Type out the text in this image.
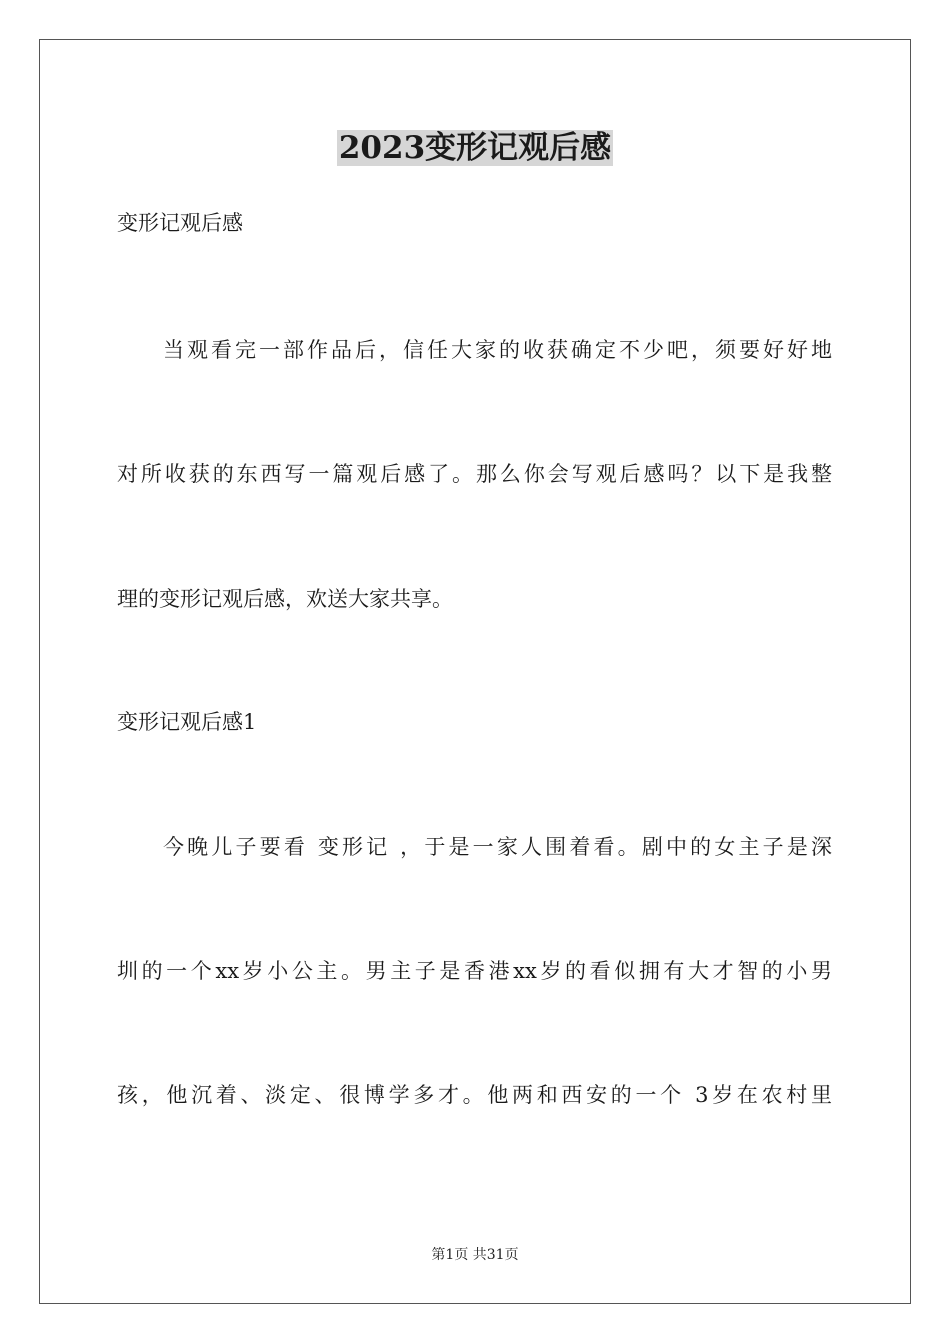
2023变形记观后感
变形记观后感
当观看完一部作品后，信任大家的收获确定不少吧，须要好好地
对所收获的东西写一篇观后感了。那么你会写观后感吗？以下是我整
理的变形记观后感，欢送大家共享。
变形记观后感1
今晚儿子要看 变形记 ，于是一家人围着看。剧中的女主子是深
圳的一个xx岁小公主。男主子是香港xx岁的看似拥有大才智的小男
孩，他沉着、淡定、很博学多才。他两和西安的一个 3岁在农村里
第1页 共31页
